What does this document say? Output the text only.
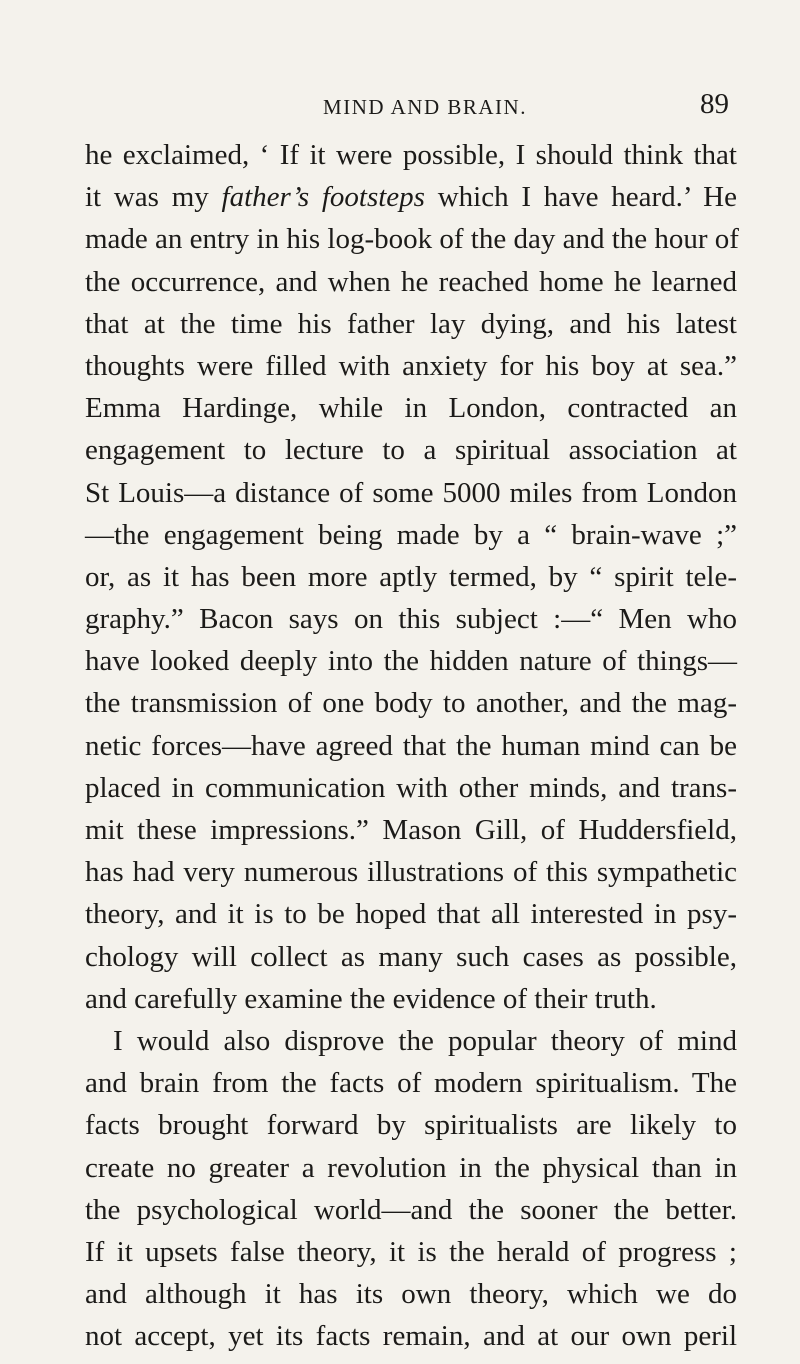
MIND AND BRAIN.	89
he exclaimed, ‘ If it were possible, I should think that
it was my father’s footsteps which I have heard.’ He
made an entry in his log-book of the day and the hour of
the occurrence, and when he reached home he learned
that at the time his father lay dying, and his latest
thoughts were filled with anxiety for his boy at sea.”
Emma Hardinge, while in London, contracted an
engagement to lecture to a spiritual association at
St Louis—a distance of some 5000 miles from London
—the engagement being made by a “ brain-wave ;”
or, as it has been more aptly termed, by “ spirit tele-
graphy.” Bacon says on this subject :—“ Men who
have looked deeply into the hidden nature of things—
the transmission of one body to another, and the mag-
netic forces—have agreed that the human mind can be
placed in communication with other minds, and trans-
mit these impressions.” Mason Gill, of Huddersfield,
has had very numerous illustrations of this sympathetic
theory, and it is to be hoped that all interested in psy-
chology will collect as many such cases as possible,
and carefully examine the evidence of their truth.
I would also disprove the popular theory of mind
and brain from the facts of modern spiritualism. The
facts brought forward by spiritualists are likely to
create no greater a revolution in the physical than in
the psychological world—and the sooner the better.
If it upsets false theory, it is the herald of progress ;
and although it has its own theory, which we do
not accept, yet its facts remain, and at our own peril
